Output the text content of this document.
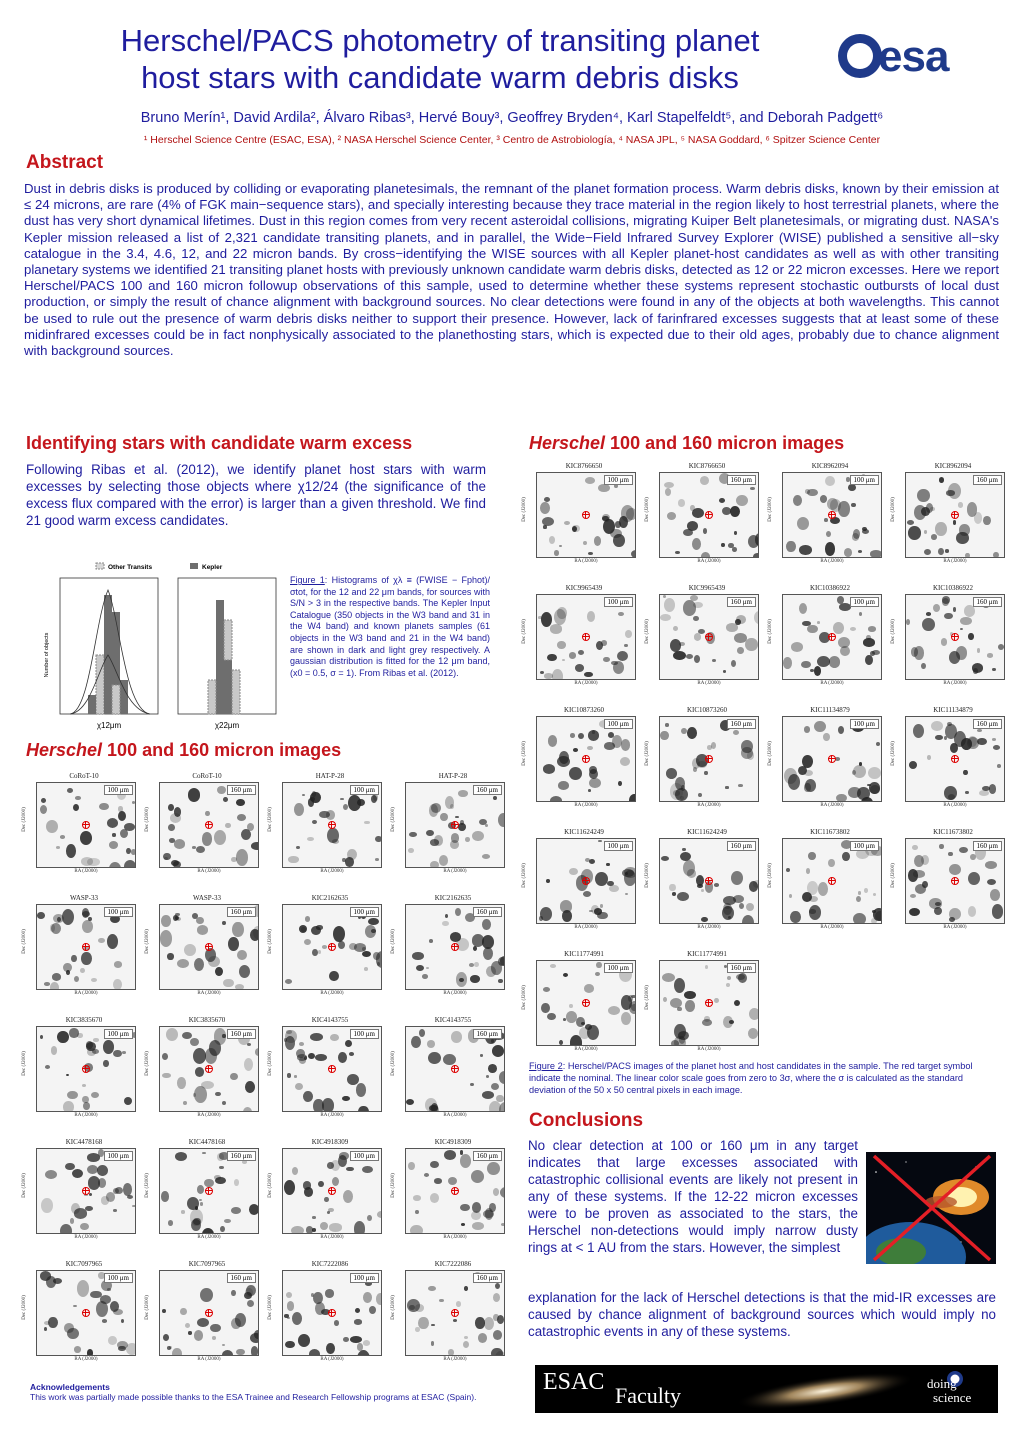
Herschel/PACS photometry of transiting planet
host stars with candidate warm debris disks	esa
Bruno Merín¹, David Ardila², Álvaro Ribas³, Hervé Bouy³, Geoffrey Bryden⁴, Karl Stapelfeldt⁵, and Deborah Padgett⁶
¹ Herschel Science Centre (ESAC, ESA), ² NASA Herschel Science Center, ³ Centro de Astrobiología, ⁴ NASA JPL, ⁵ NASA Goddard, ⁶ Spitzer Science Center
Abstract
Dust in debris disks is produced by colliding or evaporating planetesimals, the remnant of the planet formation process. Warm debris disks, known by their emission at ≤ 24 microns, are rare (4% of FGK main−sequence stars), and specially interesting because they trace material in the region likely to host terrestrial planets, where the dust has very short dynamical lifetimes. Dust in this region comes from very recent asteroidal collisions, migrating Kuiper Belt planetesimals, or migrating dust. NASA's Kepler mission released a list of 2,321 candidate transiting planets, and in parallel, the Wide−Field Infrared Survey Explorer (WISE) published a sensitive all−sky catalogue in the 3.4, 4.6, 12, and 22 micron bands. By cross−identifying the WISE sources with all Kepler planet-host candidates as well as with other transiting planetary systems we identified 21 transiting planet hosts with previously unknown candidate warm debris disks, detected as 12 or 22 micron excesses. Here we report Herschel/PACS 100 and 160 micron followup observations of this sample, used to determine whether these systems represent stochastic outbursts of local dust production, or simply the result of chance alignment with background sources. No clear detections were found in any of the objects at both wavelengths. This cannot be used to rule out the presence of warm debris disks neither to support their presence. However, lack of farinfrared excesses suggests that at least some of these midinfrared excesses could be in fact nonphysically associated to the planethosting stars, which is expected due to their old ages, probably due to chance alignment with background sources.
Identifying stars with candidate warm excess
Following Ribas et al. (2012), we identify planet host stars with warm excesses by selecting those objects where χ12/24 (the significance of the excess flux compared with the error) is larger than a given threshold. We find 21 good warm excess candidates.
Other Transits	Kepler
Number of objects
χ12μm	χ22μm
Figure 1: Histograms of χλ ≡ (FWISE − Fphot)/σtot, for the 12 and 22 μm bands, for sources with S/N > 3 in the respective bands. The Kepler Input Catalogue (350 objects in the W3 band and 31 in the W4 band) and known planets samples (61 objects in the W3 band and 21 in the W4 band) are shown in dark and light grey respectively. A gaussian distribution is fitted for the 12 μm band, (x0 = 0.5, σ = 1). From Ribas et al. (2012).
Herschel 100 and 160 micron images
KIC8766650
100 μm
RA (J2000)
Dec (J2000)
KIC8766650
160 μm
RA (J2000)
Dec (J2000)
KIC8962094
100 μm
RA (J2000)
Dec (J2000)
KIC8962094
160 μm
RA (J2000)
Dec (J2000)
KIC9965439
100 μm
RA (J2000)
Dec (J2000)
KIC9965439
160 μm
RA (J2000)
Dec (J2000)
KIC10386922
100 μm
RA (J2000)
Dec (J2000)
KIC10386922
160 μm
RA (J2000)
Dec (J2000)
KIC10873260
100 μm
RA (J2000)
Dec (J2000)
KIC10873260
160 μm
RA (J2000)
Dec (J2000)
KIC11134879
100 μm
RA (J2000)
Dec (J2000)
KIC11134879
160 μm
RA (J2000)
Dec (J2000)
KIC11624249
100 μm
RA (J2000)
Dec (J2000)
KIC11624249
160 μm
RA (J2000)
Dec (J2000)
KIC11673802
100 μm
RA (J2000)
Dec (J2000)
KIC11673802
160 μm
RA (J2000)
Dec (J2000)
KIC11774991
100 μm
RA (J2000)
Dec (J2000)
KIC11774991
160 μm
RA (J2000)
Dec (J2000)
Herschel 100 and 160 micron images
CoRoT-10
100 μm
RA (J2000)
Dec (J2000)
CoRoT-10
160 μm
RA (J2000)
Dec (J2000)
HAT-P-28
100 μm
RA (J2000)
Dec (J2000)
HAT-P-28
160 μm
RA (J2000)
Dec (J2000)
WASP-33
100 μm
RA (J2000)
Dec (J2000)
WASP-33
160 μm
RA (J2000)
Dec (J2000)
KIC2162635
100 μm
RA (J2000)
Dec (J2000)
KIC2162635
160 μm
RA (J2000)
Dec (J2000)
KIC3835670
100 μm
RA (J2000)
Dec (J2000)
KIC3835670
160 μm
RA (J2000)
Dec (J2000)
KIC4143755
100 μm
RA (J2000)
Dec (J2000)
KIC4143755
160 μm
RA (J2000)
Dec (J2000)
KIC4478168
100 μm
RA (J2000)
Dec (J2000)
KIC4478168
160 μm
RA (J2000)
Dec (J2000)
KIC4918309
100 μm
RA (J2000)
Dec (J2000)
KIC4918309
160 μm
RA (J2000)
Dec (J2000)
KIC7097965
100 μm
RA (J2000)
Dec (J2000)
KIC7097965
160 μm
RA (J2000)
Dec (J2000)
KIC7222086
100 μm
RA (J2000)
Dec (J2000)
KIC7222086
160 μm
RA (J2000)
Dec (J2000)
Figure 2: Herschel/PACS images of the planet host and host candidates in the sample. The red target symbol indicate the nominal. The linear color scale goes from zero to 3σ, where the σ is calculated as the standard deviation of the 50 x 50 central pixels in each image.
Conclusions
No clear detection at 100 or 160 μm in any target indicates that large excesses associated with catastrophic collisional events are likely not present in any of these systems. If the 12-22 micron excesses were to be proven as associated to the stars, the Herschel non-detections would imply narrow dusty rings at < 1 AU from the stars. However, the simplest
explanation for the lack of Herschel detections is that the mid-IR excesses are caused by chance alignment of background sources which would imply no catastrophic events in any of these systems.
Acknowledgements
This work was partially made possible thanks to the ESA Trainee and Research Fellowship programs at ESAC (Spain).
ESAC
Faculty	doing
science
